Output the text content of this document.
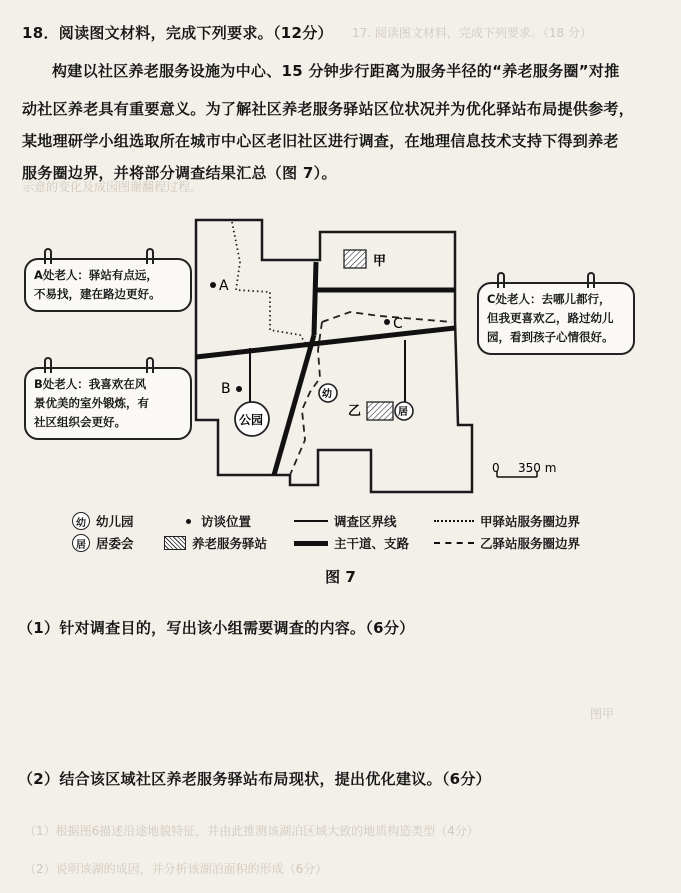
17. 阅读图文材料，完成下列要求。（18 分）
示意的变化及成因图谢翻程过程。
图甲
（1）根据图6描述沿途地貌特征，并由此推测该湖泊区域大致的地质构造类型（4分）
（2）说明该湖的成因，并分析该湖泊面积的形成（6分）
18．阅读图文材料，完成下列要求。（12分）
构建以社区养老服务设施为中心、15 分钟步行距离为服务半径的“养老服务圈”对推
动社区养老具有重要意义。为了解社区养老服务驿站区位状况并为优化驿站布局提供参考，
某地理研学小组选取所在城市中心区老旧社区进行调查，在地理信息技术支持下得到养老
服务圈边界，并将部分调查结果汇总（图 7）。
甲
A
C
B
公园
幼
乙	居
0 350 m
A处老人：驿站有点远，
不易找，建在路边更好。
B处老人：我喜欢在风
景优美的室外锻炼，有
社区组织会更好。
C处老人：去哪儿都行，
但我更喜欢乙，路过幼儿
园，看到孩子心情很好。
幼 幼儿园	访谈位置	调查区界线	甲驿站服务圈边界
居 居委会	养老服务驿站	主干道、支路	乙驿站服务圈边界
图 7
（1）针对调查目的，写出该小组需要调查的内容。（6分）
（2）结合该区域社区养老服务驿站布局现状，提出优化建议。（6分）
